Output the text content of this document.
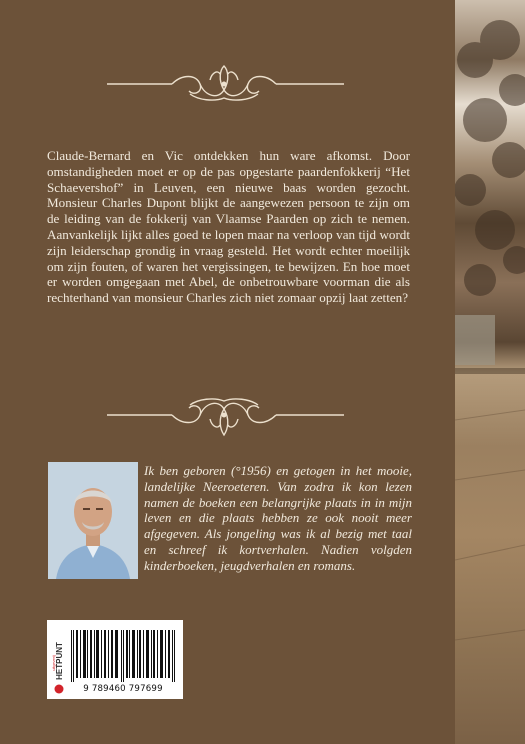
Claude-Bernard en Vic ontdekken hun ware afkomst. Door omstandigheden moet er op de pas opgestarte paardenfokkerij “Het Schaevershof” in Leuven, een nieuwe baas worden gezocht. Monsieur Charles Dupont blijkt de aangewezen persoon te zijn om de leiding van de fokkerij van Vlaamse Paarden op zich te nemen. Aanvankelijk lijkt alles goed te lopen maar na verloop van tijd wordt zijn leiderschap grondig in vraag gesteld. Het wordt echter moeilijk om zijn fouten, of waren het vergissingen, te bewijzen. En hoe moet er worden omgegaan met Abel, de onbetrouwbare voorman die als rechterhand van monsieur Charles zich niet zomaar opzij laat zetten?

Ik ben geboren (°1956) en getogen in het mooie, landelijke Neeroeteren. Van zodra ik kon lezen namen de boeken een belangrijke plaats in in mijn leven en die plaats hebben ze ook nooit meer afgegeven. Als jongeling was ik al bezig met taal en schreef ik kortverhalen. Nadien volgden kinderboeken, jeugdverhalen en romans.

uitgeverij HETPUNT

9 789460 797699
